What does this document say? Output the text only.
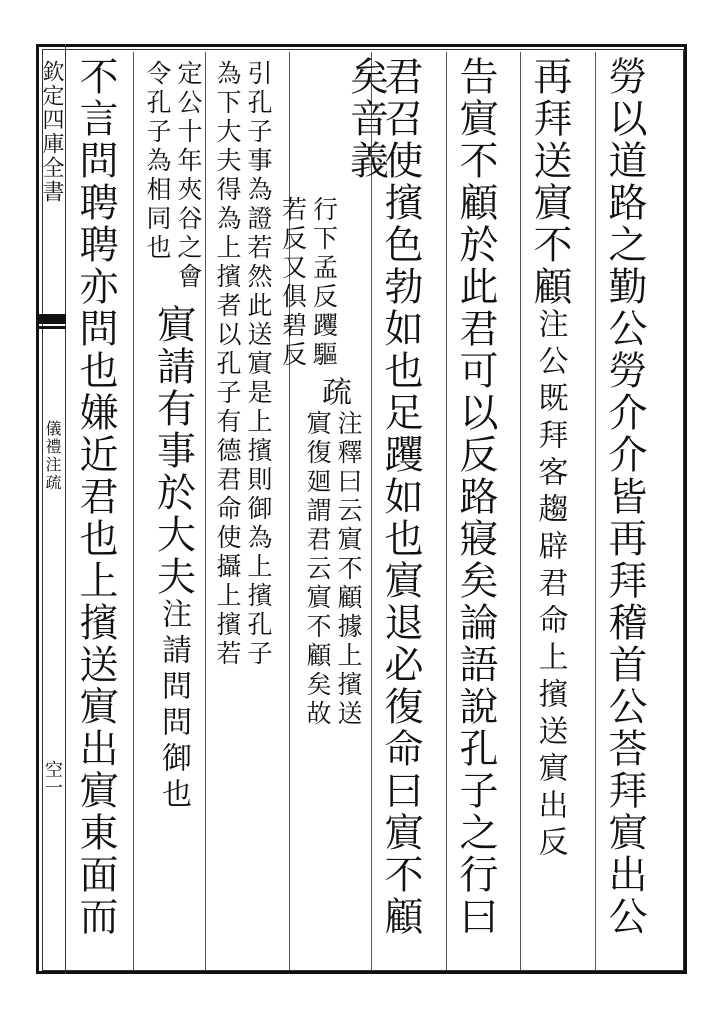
欽定四庫全書
儀禮注疏
空一	勞以道路之勤公勞介介皆再拜稽首公荅拜賔出公
再拜送賔不顧
注公既拜客趨辟君命上擯送賔出反
告賔不顧於此君可以反路寢矣論語說孔子之行曰
君召使擯色勃如也足躩如也賔退必復命曰賔不顧
矣
音義
行下孟反躩驅
若反又俱碧反
疏
注釋曰云賔不顧據上擯送
賔復廻謂君云賔不顧矣故
引孔子事為證若然此送賔是上擯則御為上擯孔子
為下大夫得為上擯者以孔子有德君命使攝上擯若
定公十年夾谷之會
令孔子為相同也
賔請有事於大夫
注請問問御也
不言問聘聘亦問也嫌近君也上擯送賔出賔東面而
